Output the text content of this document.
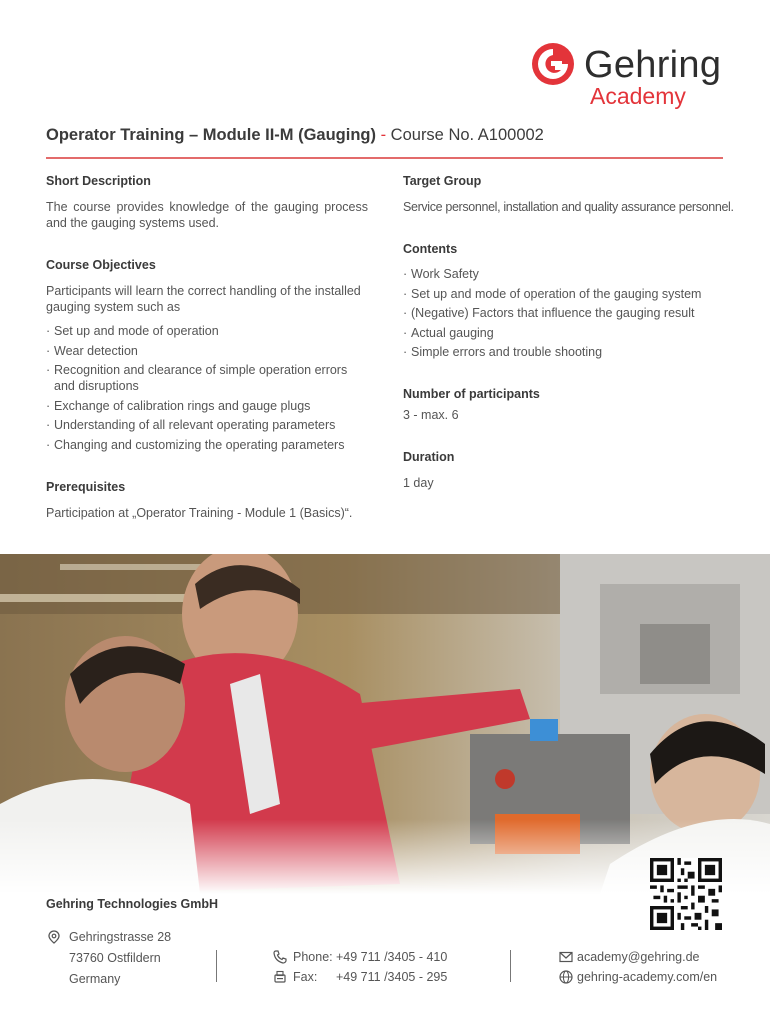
Gehring
Academy
Operator Training – Module II-M (Gauging) - Course No. A100002
Short Description
The course provides knowledge of the gauging process and the gauging systems used.
Course Objectives
Participants will learn the correct handling of the installed gauging system such as
· Set up and mode of operation
· Wear detection
· Recognition and clearance of simple operation errors and disruptions
· Exchange of calibration rings and gauge plugs
· Understanding of all relevant operating parameters
· Changing and customizing the operating parameters
Prerequisites
Participation at „Operator Training - Module 1 (Basics)“.
Target Group
Service personnel, installation and quality assurance personnel.
Contents
· Work Safety
· Set up and mode of operation of the gauging system
· (Negative) Factors that influence the gauging result
· Actual gauging
· Simple errors and trouble shooting
Number of participants
3 - max. 6
Duration
1 day
Gehring Technologies GmbH
Gehringstrasse 28
73760 Ostfildern
Germany
Phone: +49 711 /3405 - 410
Fax: +49 711 /3405 - 295
academy@gehring.de
gehring-academy.com/en
